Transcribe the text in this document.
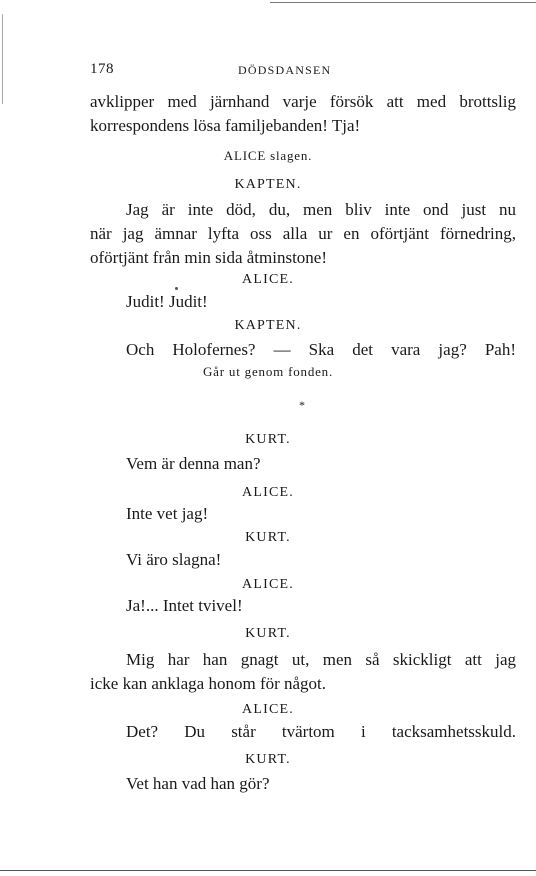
178	DÖDSDANSEN
avklipper med järnhand varje försök att med brottslig
korrespondens lösa familjebanden! Tja!
ALICE slagen.
KAPTEN.
Jag är inte död, du, men bliv inte ond just nu
när jag ämnar lyfta oss alla ur en oförtjänt förnedring,
oförtjänt från min sida åtminstone!
ALICE.
Judit! Judit!
KAPTEN.
Och Holofernes? — Ska det vara jag? Pah!
Går ut genom fonden.
*
KURT.
Vem är denna man?
ALICE.
Inte vet jag!
KURT.
Vi äro slagna!
ALICE.
Ja!... Intet tvivel!
KURT.
Mig har han gnagt ut, men så skickligt att jag
icke kan anklaga honom för något.
ALICE.
Det? Du står tvärtom i tacksamhetsskuld.
KURT.
Vet han vad han gör?
